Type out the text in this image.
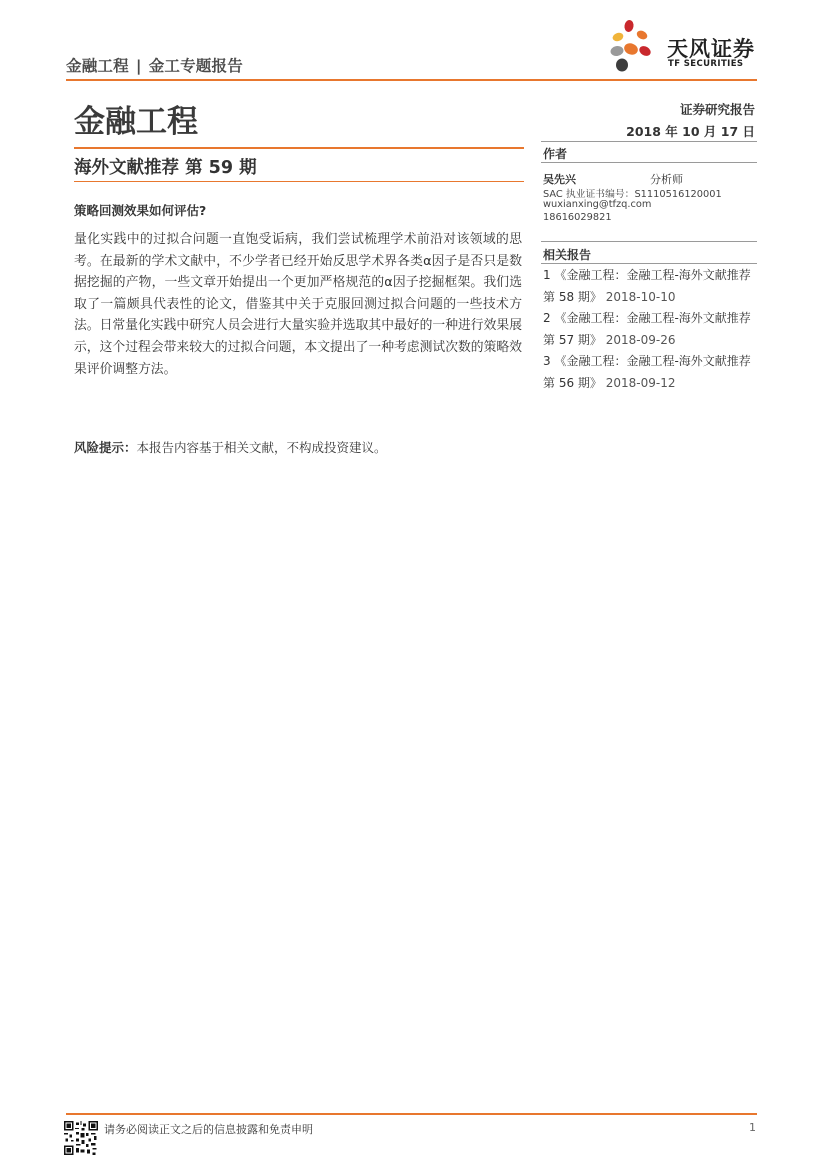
金融工程 | 金工专题报告
天风证券
TF SECURITIES
金融工程
海外文献推荐 第 59 期
策略回测效果如何评估?
量化实践中的过拟合问题一直饱受诟病，我们尝试梳理学术前沿对该领域的思考。在最新的学术文献中，不少学者已经开始反思学术界各类α因子是否只是数据挖掘的产物，一些文章开始提出一个更加严格规范的α因子挖掘框架。我们选取了一篇颇具代表性的论文，借鉴其中关于克服回测过拟合问题的一些技术方法。日常量化实践中研究人员会进行大量实验并选取其中最好的一种进行效果展示，这个过程会带来较大的过拟合问题，本文提出了一种考虑测试次数的策略效果评价调整方法。
风险提示：本报告内容基于相关文献，不构成投资建议。
证券研究报告
2018 年 10 月 17 日
作者
吴先兴	分析师
SAC 执业证书编号：S1110516120001
wuxianxing@tfzq.com
18616029821
相关报告
1 《金融工程：金融工程-海外文献推荐 第 58 期》 2018-10-10
2 《金融工程：金融工程-海外文献推荐 第 57 期》 2018-09-26
3 《金融工程：金融工程-海外文献推荐 第 56 期》 2018-09-12
请务必阅读正文之后的信息披露和免责申明	1
